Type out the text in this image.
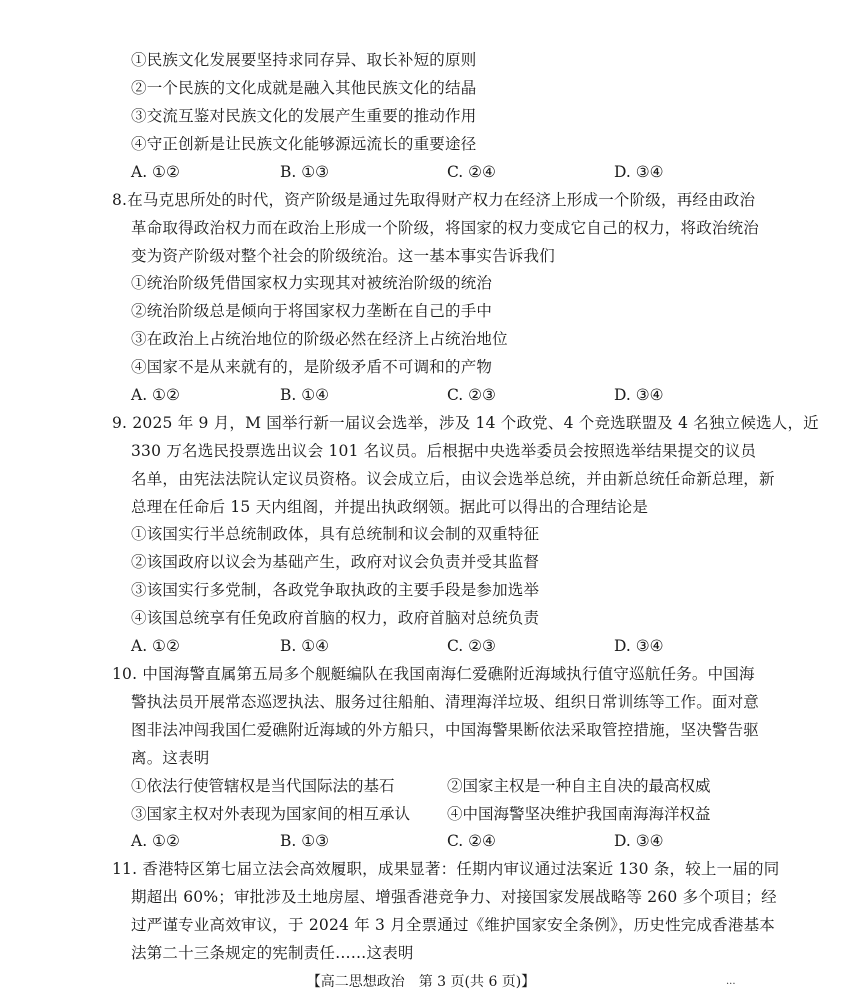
①民族文化发展要坚持求同存异、取长补短的原则
②一个民族的文化成就是融入其他民族文化的结晶
③交流互鉴对民族文化的发展产生重要的推动作用
④守正创新是让民族文化能够源远流长的重要途径
A. ①②	B. ①③	C. ②④	D. ③④
8.在马克思所处的时代，资产阶级是通过先取得财产权力在经济上形成一个阶级，再经由政治
革命取得政治权力而在政治上形成一个阶级，将国家的权力变成它自己的权力，将政治统治
变为资产阶级对整个社会的阶级统治。这一基本事实告诉我们
①统治阶级凭借国家权力实现其对被统治阶级的统治
②统治阶级总是倾向于将国家权力垄断在自己的手中
③在政治上占统治地位的阶级必然在经济上占统治地位
④国家不是从来就有的，是阶级矛盾不可调和的产物
A. ①②	B. ①④	C. ②③	D. ③④
9. 2025 年 9 月，M 国举行新一届议会选举，涉及 14 个政党、4 个竞选联盟及 4 名独立候选人，近
330 万名选民投票选出议会 101 名议员。后根据中央选举委员会按照选举结果提交的议员
名单，由宪法法院认定议员资格。议会成立后，由议会选举总统，并由新总统任命新总理，新
总理在任命后 15 天内组阁，并提出执政纲领。据此可以得出的合理结论是
①该国实行半总统制政体，具有总统制和议会制的双重特征
②该国政府以议会为基础产生，政府对议会负责并受其监督
③该国实行多党制，各政党争取执政的主要手段是参加选举
④该国总统享有任免政府首脑的权力，政府首脑对总统负责
A. ①②	B. ①④	C. ②③	D. ③④
10. 中国海警直属第五局多个舰艇编队在我国南海仁爱礁附近海域执行值守巡航任务。中国海
警执法员开展常态巡逻执法、服务过往船舶、清理海洋垃圾、组织日常训练等工作。面对意
图非法冲闯我国仁爱礁附近海域的外方船只，中国海警果断依法采取管控措施，坚决警告驱
离。这表明
①依法行使管辖权是当代国际法的基石	②国家主权是一种自主自决的最高权威
③国家主权对外表现为国家间的相互承认 ④中国海警坚决维护我国南海海洋权益
A. ①②	B. ①③	C. ②④	D. ③④
11. 香港特区第七届立法会高效履职，成果显著：任期内审议通过法案近 130 条，较上一届的同
期超出 60%；审批涉及土地房屋、增强香港竞争力、对接国家发展战略等 260 多个项目；经
过严谨专业高效审议，于 2024 年 3 月全票通过《维护国家安全条例》，历史性完成香港基本
法第二十三条规定的宪制责任……这表明
【高二思想政治　第 3 页(共 6 页)】	...
